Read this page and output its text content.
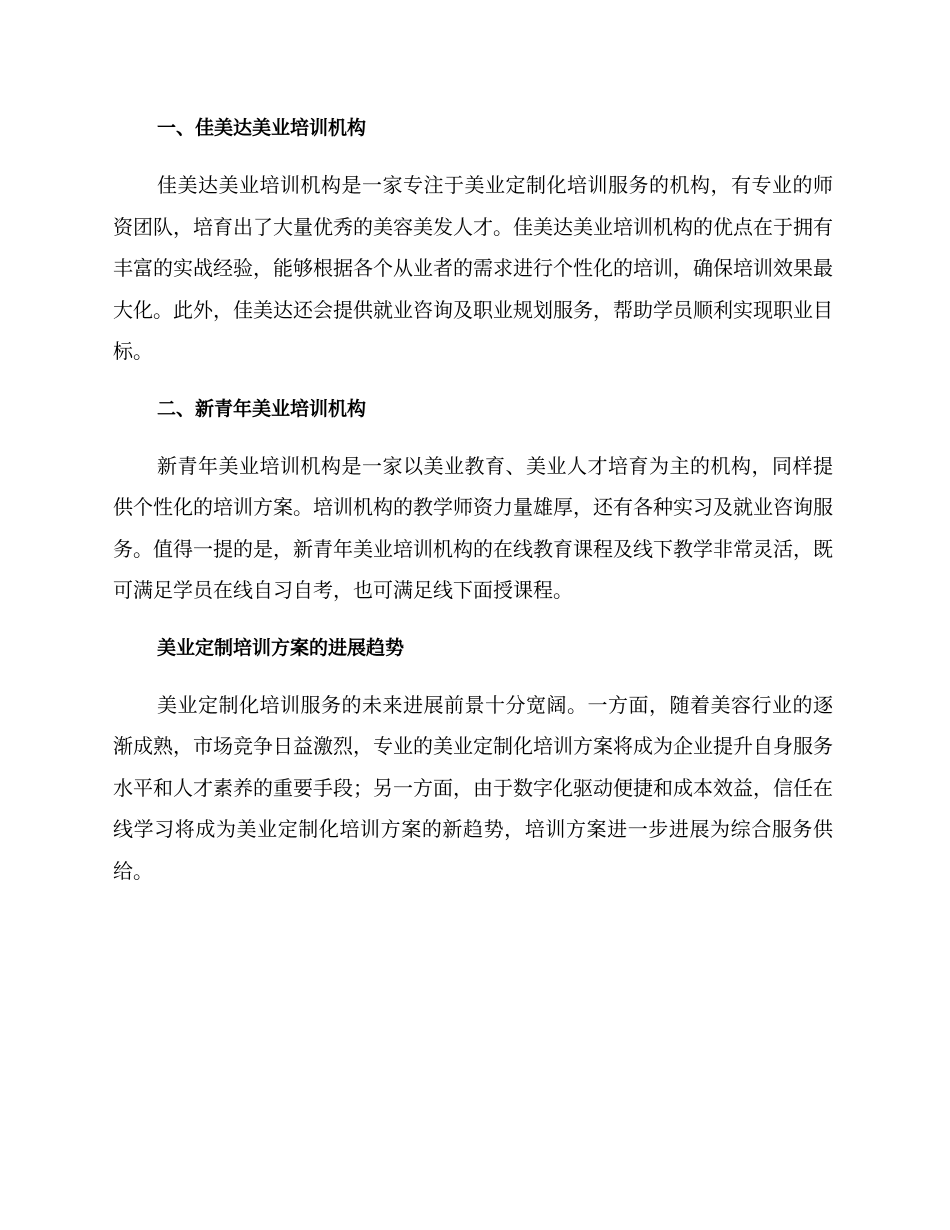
一、佳美达美业培训机构

佳美达美业培训机构是一家专注于美业定制化培训服务的机构，有专业的师资团队，培育出了大量优秀的美容美发人才。佳美达美业培训机构的优点在于拥有丰富的实战经验，能够根据各个从业者的需求进行个性化的培训，确保培训效果最大化。此外，佳美达还会提供就业咨询及职业规划服务，帮助学员顺利实现职业目标。

二、新青年美业培训机构

新青年美业培训机构是一家以美业教育、美业人才培育为主的机构，同样提供个性化的培训方案。培训机构的教学师资力量雄厚，还有各种实习及就业咨询服务。值得一提的是，新青年美业培训机构的在线教育课程及线下教学非常灵活，既可满足学员在线自习自考，也可满足线下面授课程。

美业定制培训方案的进展趋势

美业定制化培训服务的未来进展前景十分宽阔。一方面，随着美容行业的逐渐成熟，市场竞争日益激烈，专业的美业定制化培训方案将成为企业提升自身服务水平和人才素养的重要手段；另一方面，由于数字化驱动便捷和成本效益，信任在线学习将成为美业定制化培训方案的新趋势，培训方案进一步进展为综合服务供给。
